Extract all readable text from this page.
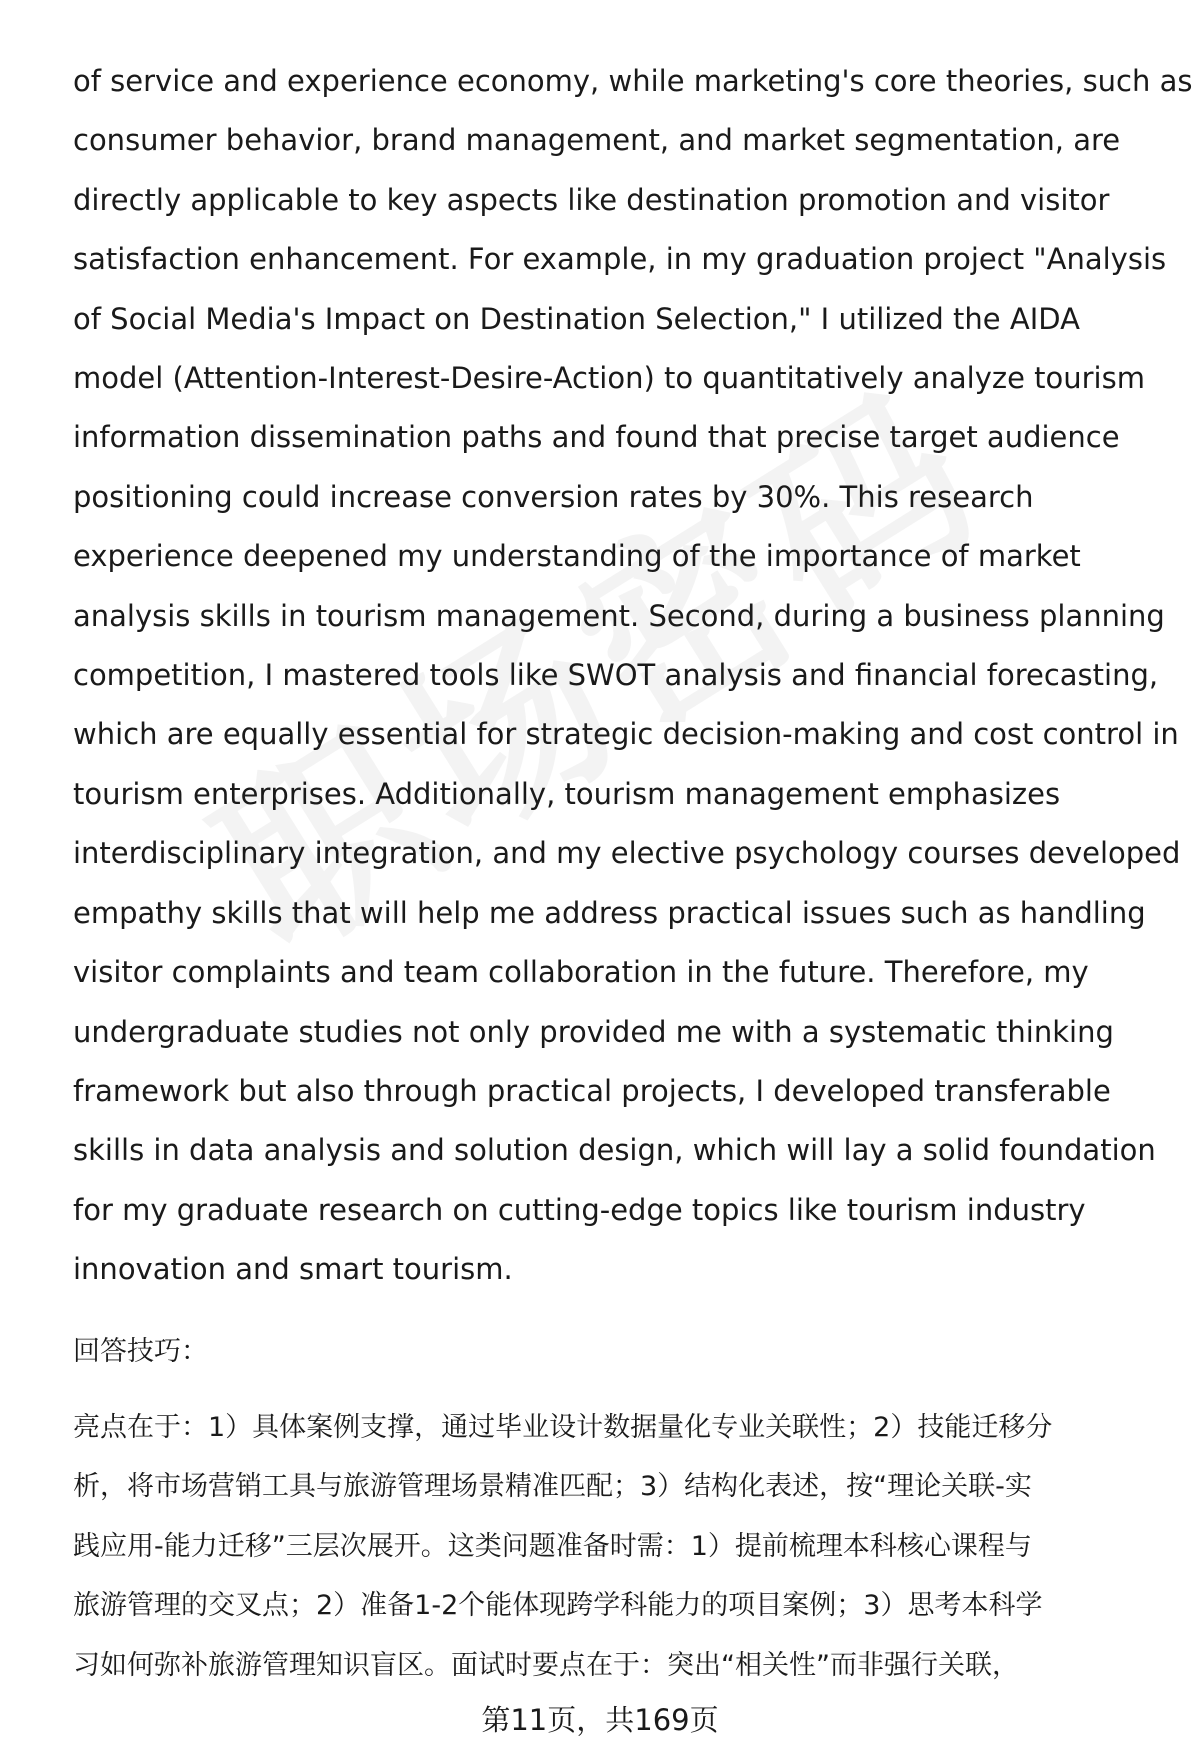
of service and experience economy, while marketing's core theories, such as
consumer behavior, brand management, and market segmentation, are
directly applicable to key aspects like destination promotion and visitor
satisfaction enhancement. For example, in my graduation project "Analysis
of Social Media's Impact on Destination Selection," I utilized the AIDA
model (Attention-Interest-Desire-Action) to quantitatively analyze tourism
information dissemination paths and found that precise target audience
positioning could increase conversion rates by 30%. This research
experience deepened my understanding of the importance of market
analysis skills in tourism management. Second, during a business planning
competition, I mastered tools like SWOT analysis and financial forecasting,
which are equally essential for strategic decision-making and cost control in
tourism enterprises. Additionally, tourism management emphasizes
interdisciplinary integration, and my elective psychology courses developed
empathy skills that will help me address practical issues such as handling
visitor complaints and team collaboration in the future. Therefore, my
undergraduate studies not only provided me with a systematic thinking
framework but also through practical projects, I developed transferable
skills in data analysis and solution design, which will lay a solid foundation
for my graduate research on cutting-edge topics like tourism industry
innovation and smart tourism.
回答技巧：
亮点在于：1）具体案例支撑，通过毕业设计数据量化专业关联性；2）技能迁移分
析，将市场营销工具与旅游管理场景精准匹配；3）结构化表述，按“理论关联-实
践应用-能力迁移”三层次展开。这类问题准备时需：1）提前梳理本科核心课程与
旅游管理的交叉点；2）准备1-2个能体现跨学科能力的项目案例；3）思考本科学
习如何弥补旅游管理知识盲区。面试时要点在于：突出“相关性”而非强行关联，
第11页，共169页
